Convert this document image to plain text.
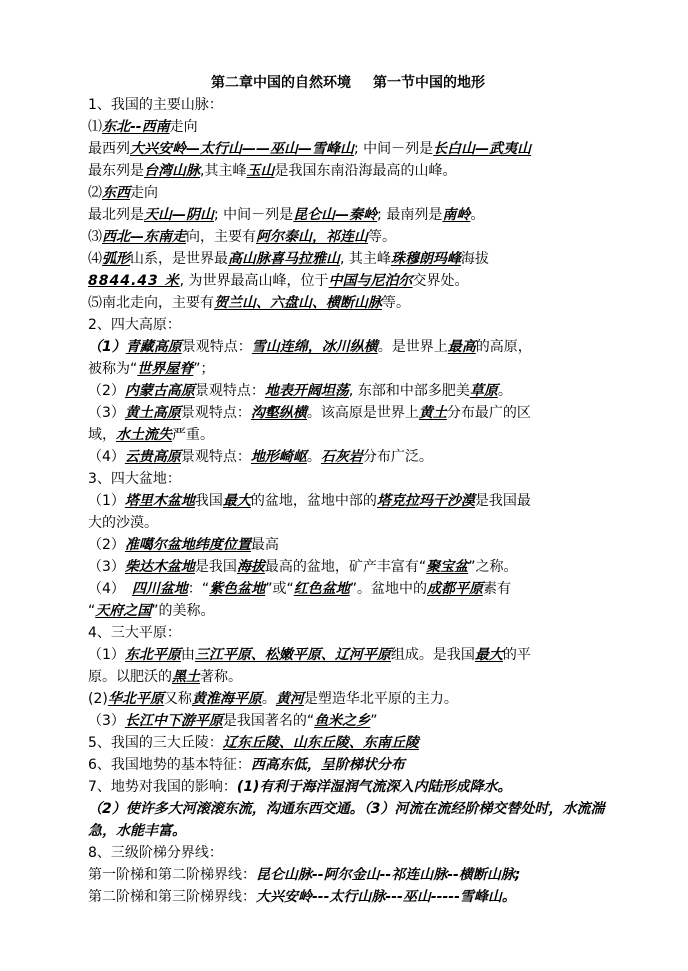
第二章中国的自然环境 第一节中国的地形
1、我国的主要山脉：
⑴东北--西南走向
最西列大兴安岭—太行山——巫山—雪峰山; 中间－列是长白山—武夷山
最东列是台湾山脉,其主峰玉山是我国东南沿海最高的山峰。
⑵东西走向
最北列是天山—阴山; 中间－列是昆仑山—秦岭; 最南列是南岭。
⑶西北—东南走向，主要有阿尔泰山，祁连山等。
⑷弧形山系，是世界最高山脉喜马拉雅山, 其主峰珠穆朗玛峰海拔
8844.43 米, 为世界最高山峰，位于中国与尼泊尔交界处。
⑸南北走向，主要有贺兰山、六盘山、横断山脉等。
2、四大高原：
（1）青藏高原景观特点：雪山连绵，冰川纵横。是世界上最高的高原，
被称为“世界屋脊”；
（2）内蒙古高原景观特点：地表开阔坦荡, 东部和中部多肥美草原。
（3）黄土高原景观特点：沟壑纵横。该高原是世界上黄土分布最广的区
域，水土流失严重。
（4）云贵高原景观特点：地形崎岖。石灰岩分布广泛。
3、四大盆地：
（1）塔里木盆地我国最大的盆地，盆地中部的塔克拉玛干沙漠是我国最
大的沙漠。
（2）准噶尔盆地纬度位置最高
（3）柴达木盆地是我国海拔最高的盆地，矿产丰富有“聚宝盆”之称。
（4）　四川盆地：“紫色盆地”或“红色盆地”。盆地中的成都平原素有
“天府之国”的美称。
4、三大平原：
（1）东北平原由三江平原、松嫩平原、辽河平原组成。是我国最大的平
原。以肥沃的黑土著称。
(2)华北平原又称黄淮海平原。黄河是塑造华北平原的主力。
（3）长江中下游平原是我国著名的“鱼米之乡”
5、我国的三大丘陵：辽东丘陵、山东丘陵、东南丘陵
6、我国地势的基本特征：西高东低，呈阶梯状分布
7、地势对我国的影响：(1)有利于海洋湿润气流深入内陆形成降水。
（2）使许多大河滚滚东流，沟通东西交通。（3）河流在流经阶梯交替处时，水流湍急，水能丰富。
8、三级阶梯分界线：
第一阶梯和第二阶梯界线：昆仑山脉--阿尔金山--祁连山脉--横断山脉;
第二阶梯和第三阶梯界线：大兴安岭---太行山脉---巫山-----雪峰山。
